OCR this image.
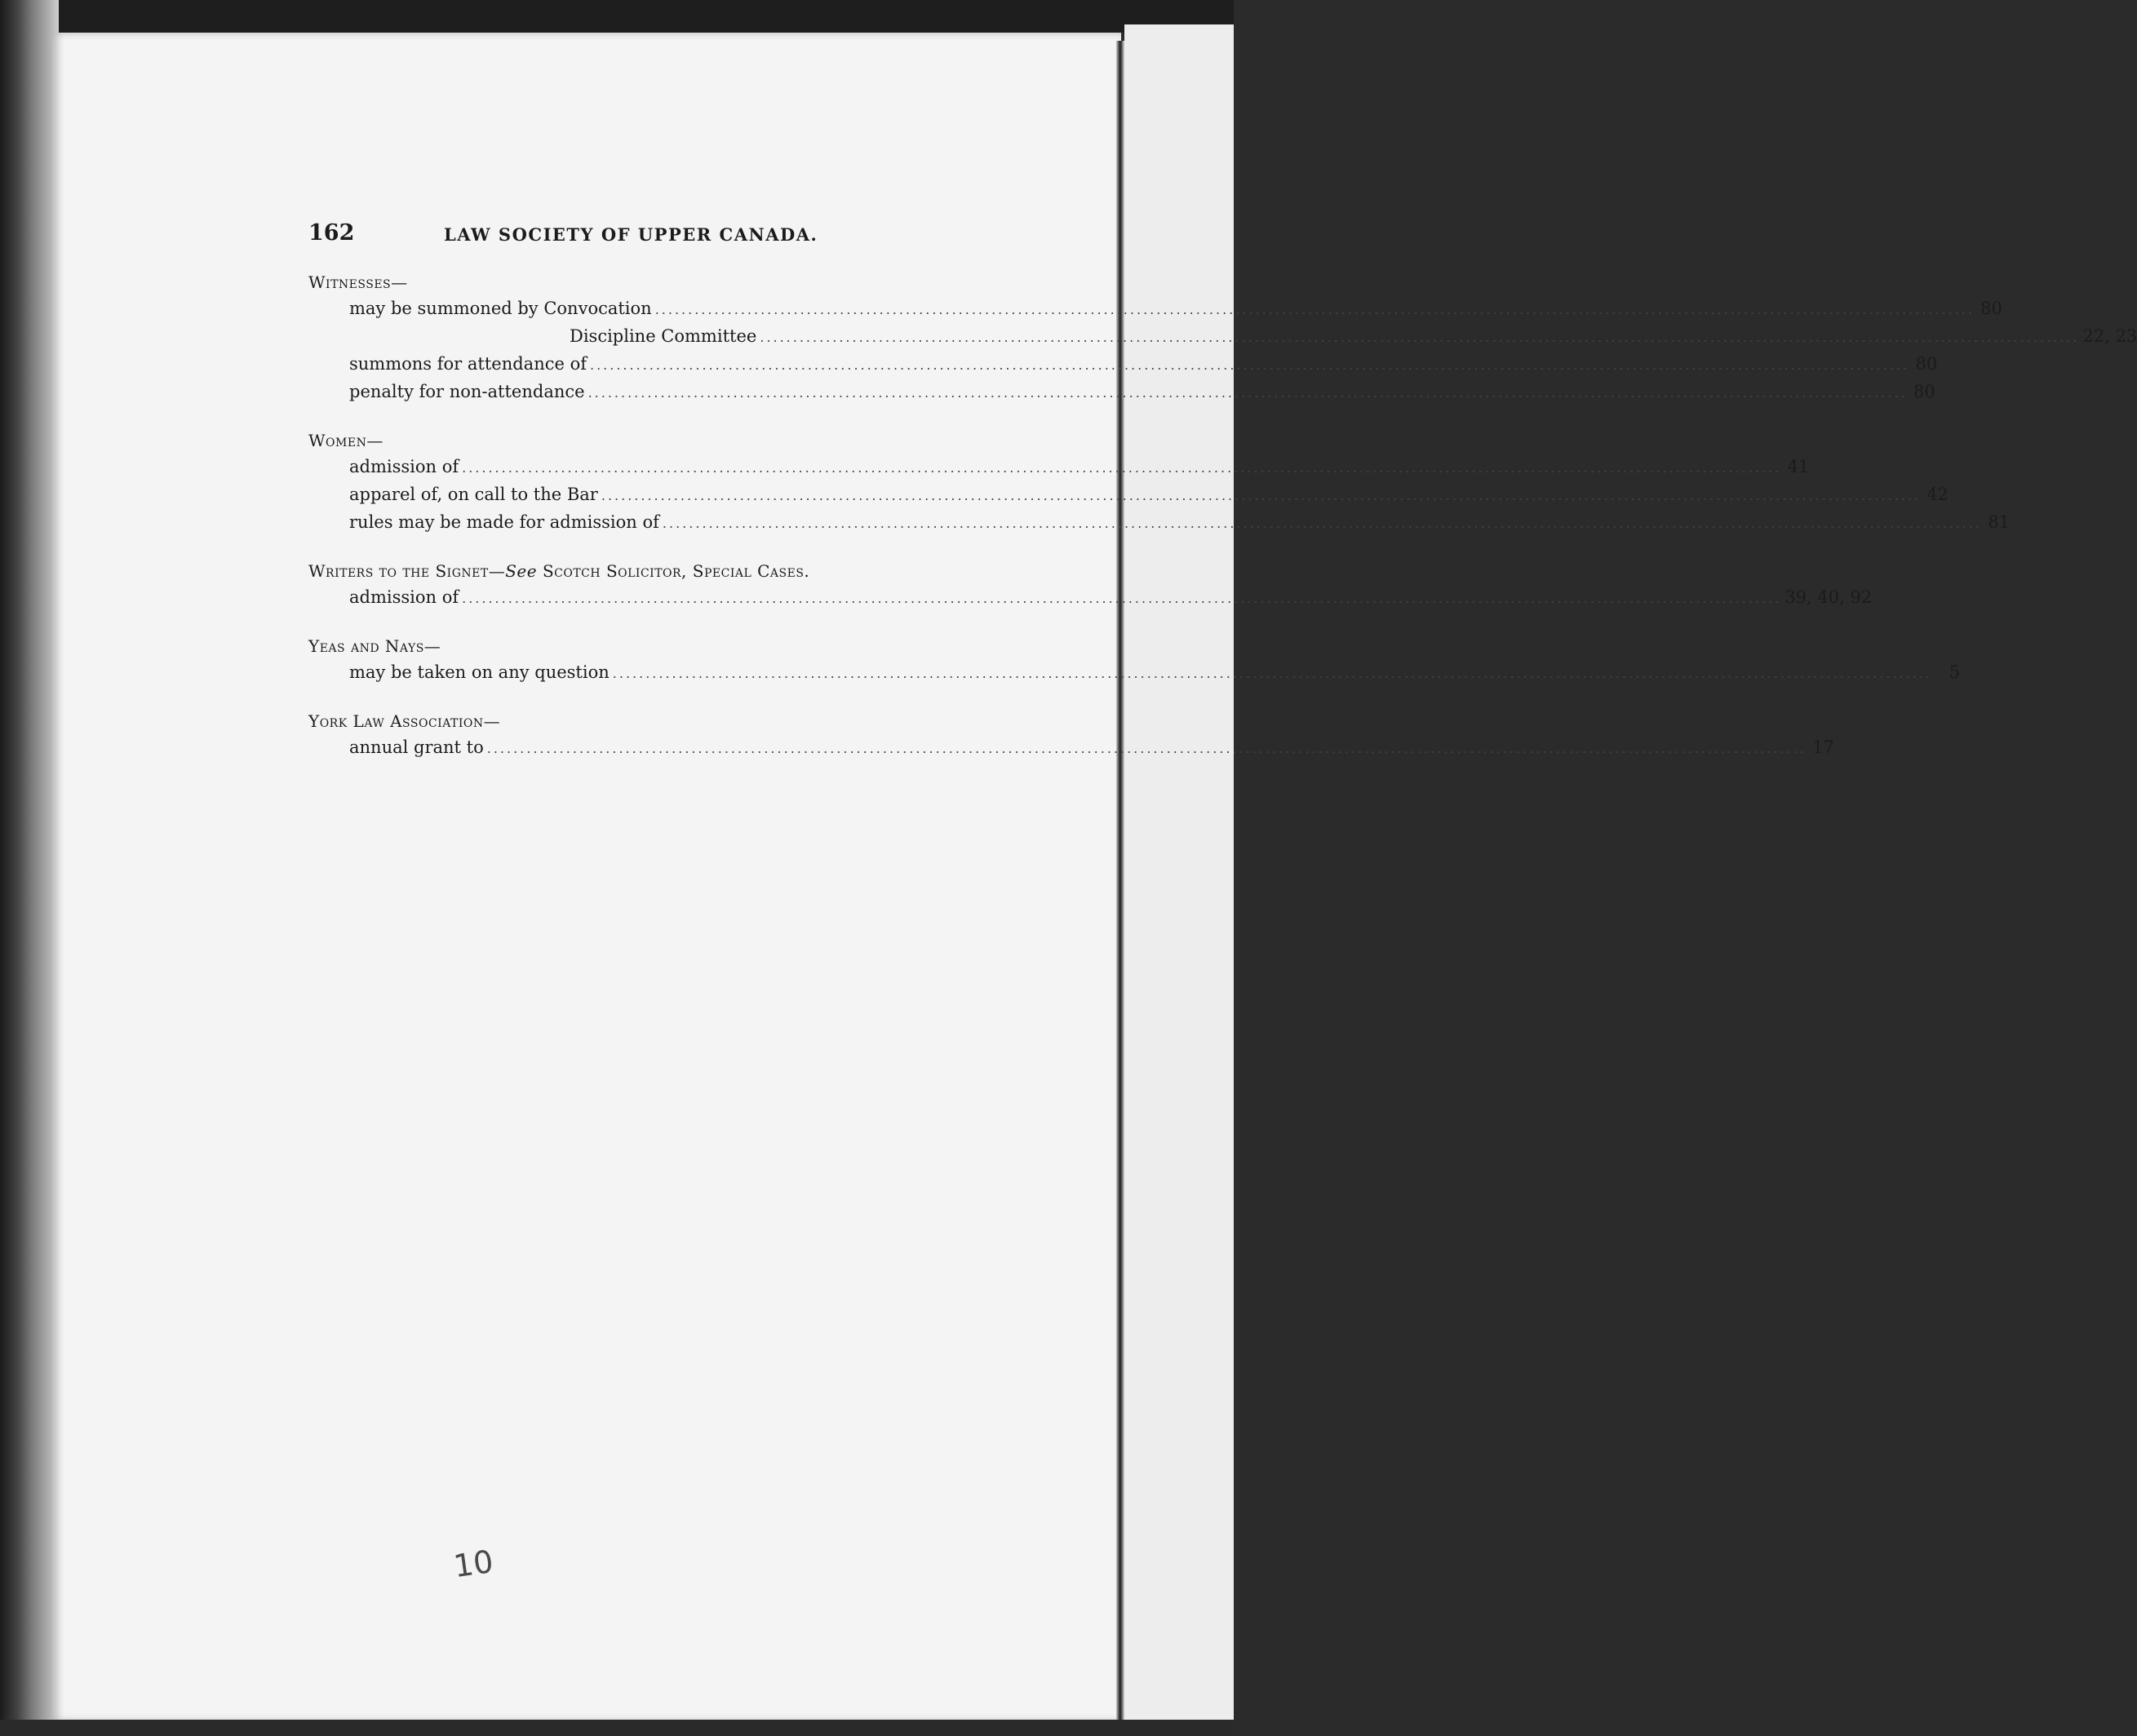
162	LAW SOCIETY OF UPPER CANADA.
Witnesses—
may be summoned by Convocation ........................................................................................................................................................................................................ 80
Discipline Committee ........................................................................................................................................................................................................ 22, 23
summons for attendance of ........................................................................................................................................................................................................ 80
penalty for non-attendance ........................................................................................................................................................................................................ 80
Women—
admission of ........................................................................................................................................................................................................ 41
apparel of, on call to the Bar ........................................................................................................................................................................................................ 42
rules may be made for admission of ........................................................................................................................................................................................................ 81
Writers to the Signet—See Scotch Solicitor, Special Cases.
admission of ........................................................................................................................................................................................................ 39, 40, 92
Yeas and Nays—
may be taken on any question ........................................................................................................................................................................................................ 5
York Law Association—
annual grant to ........................................................................................................................................................................................................ 17
10
